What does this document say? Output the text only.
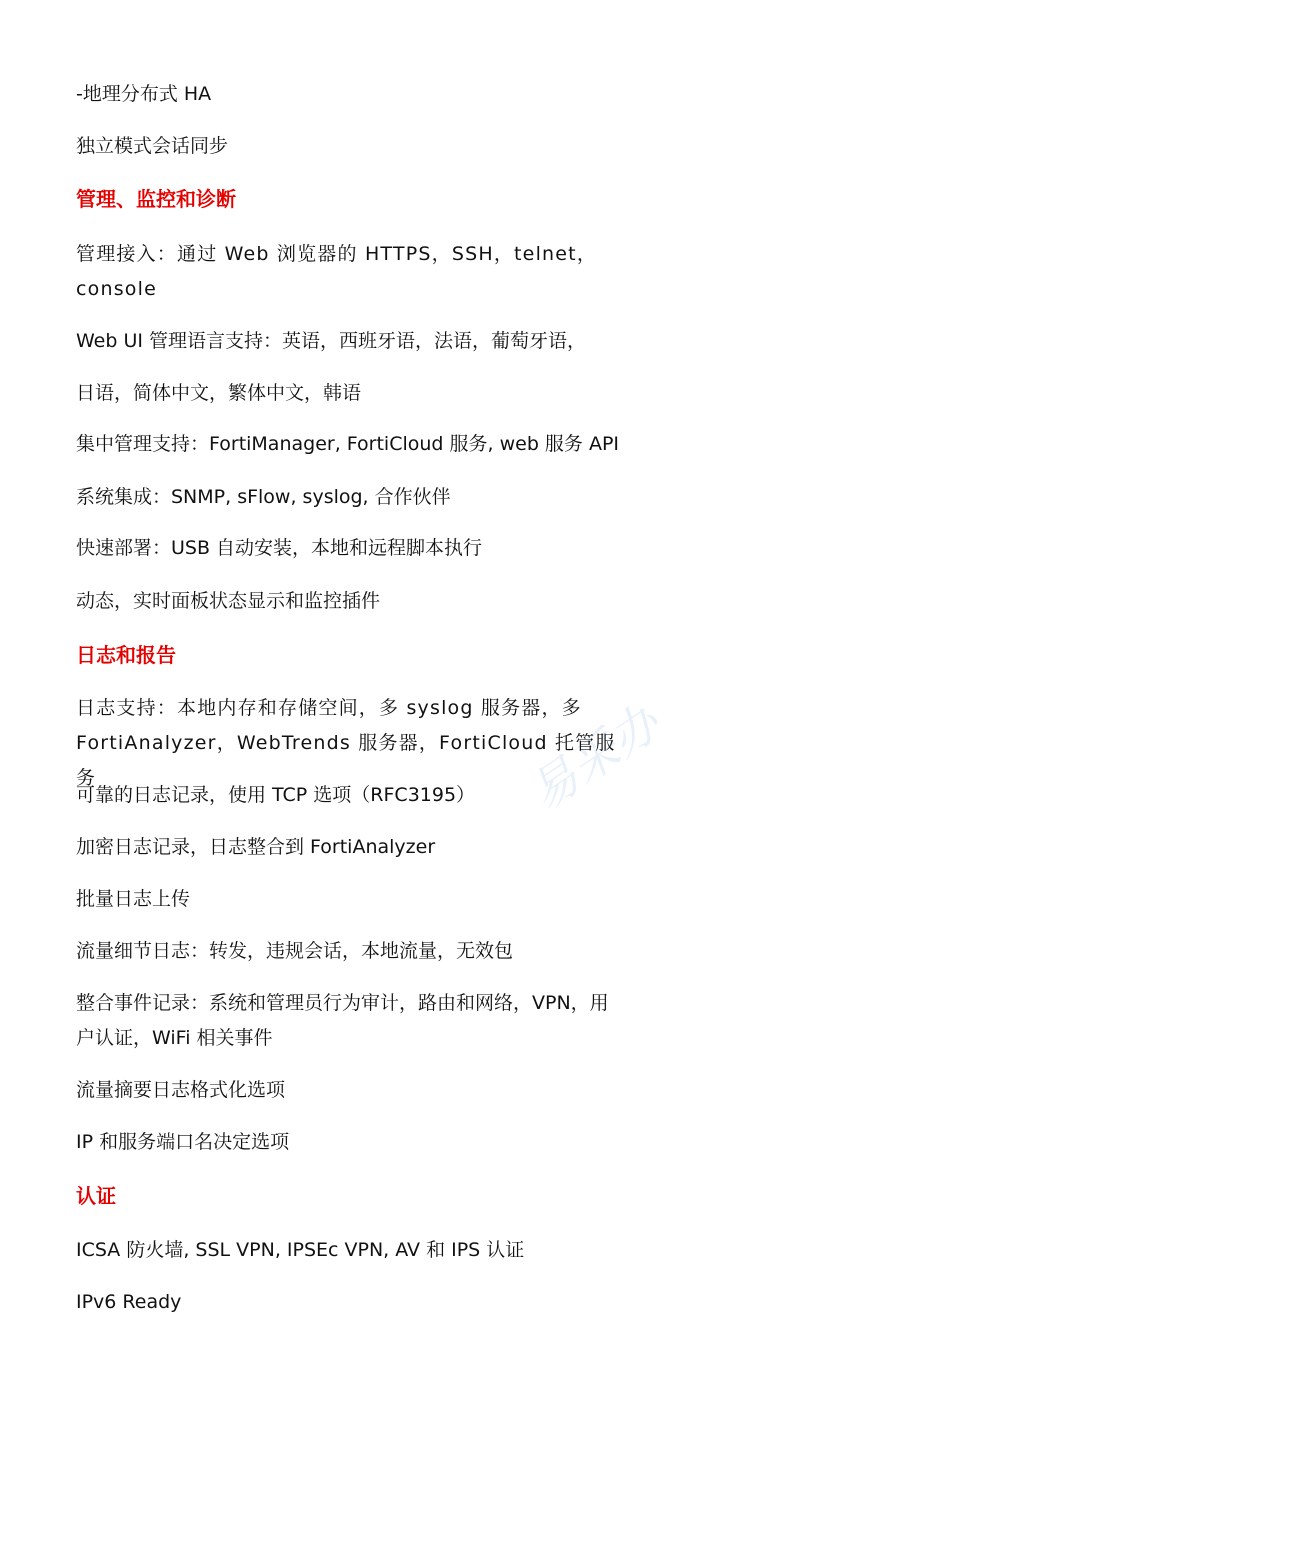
-地理分布式 HA
独立模式会话同步
管理、监控和诊断
管理接入：通过 Web 浏览器的 HTTPS，SSH，telnet，console
Web UI 管理语言支持：英语，西班牙语，法语，葡萄牙语，
日语，简体中文，繁体中文，韩语
集中管理支持：FortiManager, FortiCloud 服务, web 服务 API
系统集成：SNMP, sFlow, syslog, 合作伙伴
快速部署：USB 自动安装，本地和远程脚本执行
动态，实时面板状态显示和监控插件
日志和报告
日志支持：本地内存和存储空间，多 syslog 服务器，多 FortiAnalyzer，WebTrends 服务器，FortiCloud 托管服务
可靠的日志记录，使用 TCP 选项（RFC3195）
加密日志记录，日志整合到 FortiAnalyzer
批量日志上传
流量细节日志：转发，违规会话，本地流量，无效包
整合事件记录：系统和管理员行为审计，路由和网络，VPN，用户认证，WiFi 相关事件
流量摘要日志格式化选项
IP 和服务端口名决定选项
认证
ICSA 防火墙, SSL VPN, IPSEc VPN, AV 和 IPS 认证
IPv6 Ready
易采办
